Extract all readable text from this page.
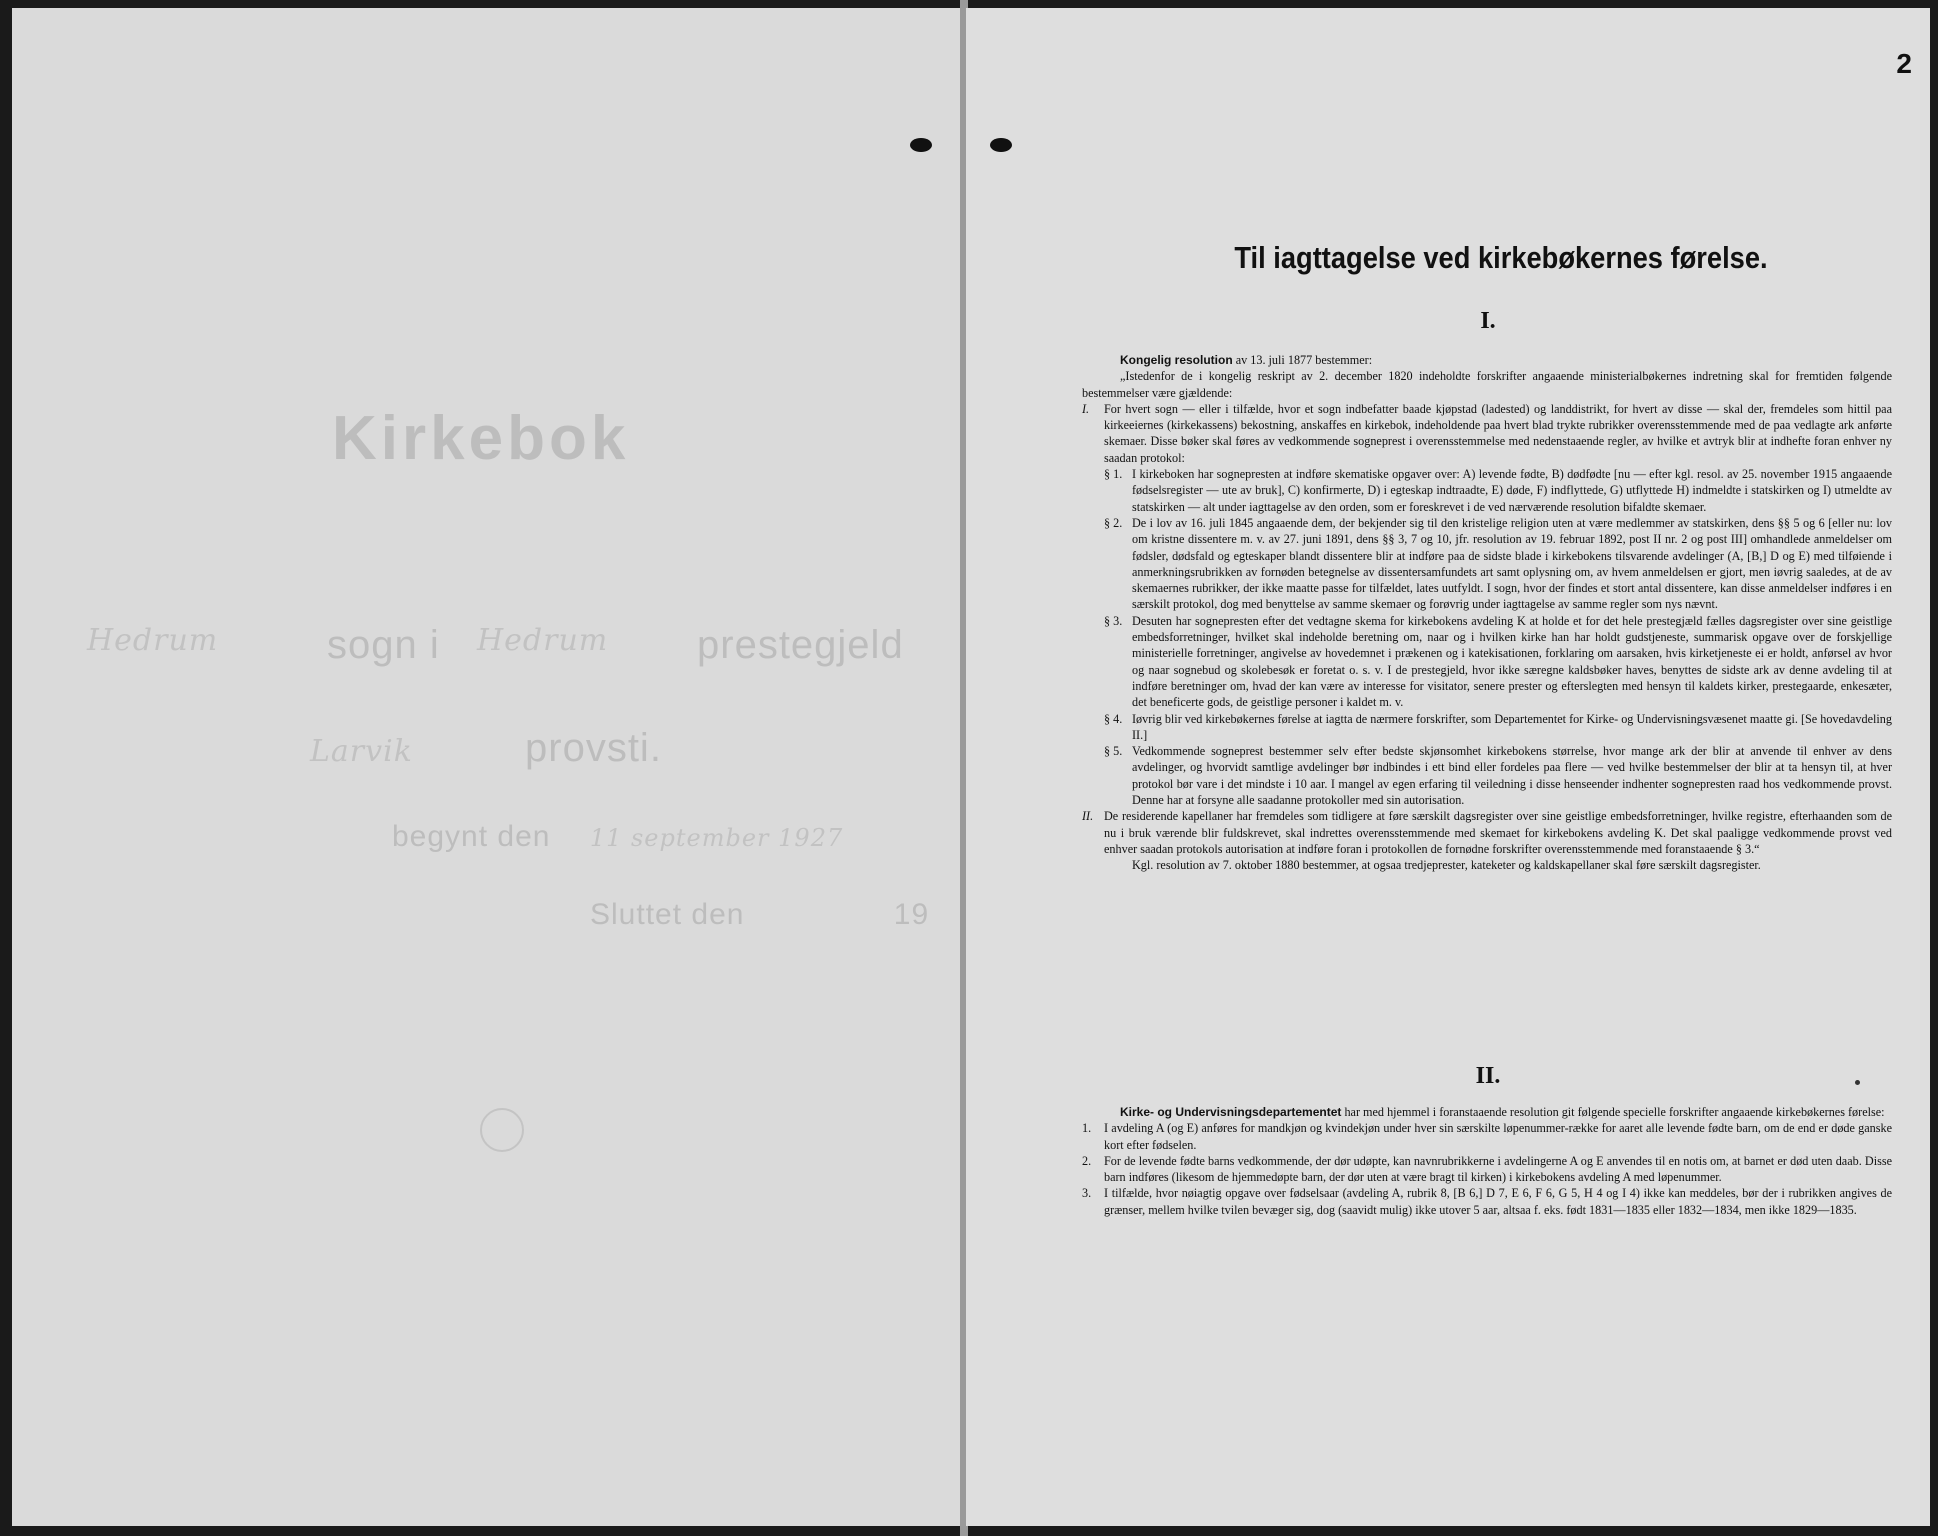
Kirkebok
Hedrum	sogn i Hedrum prestegjeld
Larvik	provsti.
begynt den 11 september 1927
Sluttet den	19
2
Til iagttagelse ved kirkebøkernes førelse.
I.

Kongelig resolution av 13. juli 1877 bestemmer:

„Istedenfor de i kongelig reskript av 2. december 1820 indeholdte forskrifter angaaende ministerialbøkernes indretning skal for fremtiden følgende bestemmelser være gjældende:

I.	For hvert sogn — eller i tilfælde, hvor et sogn indbefatter baade kjøpstad (ladested) og landdistrikt, for hvert av disse — skal der, fremdeles som hittil paa kirkeeiernes (kirkekassens) bekostning, anskaffes en kirkebok, indeholdende paa hvert blad trykte rubrikker overensstemmende med de paa vedlagte ark anførte skemaer. Disse bøker skal føres av vedkommende sogneprest i overensstemmelse med nedenstaaende regler, av hvilke et avtryk blir at indhefte foran enhver ny saadan protokol:
§ 1. I kirkeboken har sognepresten at indføre skematiske opgaver over: A) levende fødte, B) dødfødte [nu — efter kgl. resol. av 25. november 1915 angaaende fødselsregister — ute av bruk], C) konfirmerte, D) i egteskap indtraadte, E) døde, F) indflyttede, G) utflyttede H) indmeldte i statskirken og I) utmeldte av statskirken — alt under iagttagelse av den orden, som er foreskrevet i de ved nærværende resolution bifaldte skemaer.
§ 2. De i lov av 16. juli 1845 angaaende dem, der bekjender sig til den kristelige religion uten at være medlemmer av statskirken, dens §§ 5 og 6 [eller nu: lov om kristne dissentere m. v. av 27. juni 1891, dens §§ 3, 7 og 10, jfr. resolution av 19. februar 1892, post II nr. 2 og post III] omhandlede anmeldelser om fødsler, dødsfald og egteskaper blandt dissentere blir at indføre paa de sidste blade i kirkebokens tilsvarende avdelinger (A, [B,] D og E) med tilføiende i anmerkningsrubrikken av fornøden betegnelse av dissentersamfundets art samt oplysning om, av hvem anmeldelsen er gjort, men iøvrig saaledes, at de av skemaernes rubrikker, der ikke maatte passe for tilfældet, lates uutfyldt. I sogn, hvor der findes et stort antal dissentere, kan disse anmeldelser indføres i en særskilt protokol, dog med benyttelse av samme skemaer og forøvrig under iagttagelse av samme regler som nys nævnt.
§ 3. Desuten har sognepresten efter det vedtagne skema for kirkebokens avdeling K at holde et for det hele prestegjæld fælles dagsregister over sine geistlige embedsforretninger, hvilket skal indeholde beretning om, naar og i hvilken kirke han har holdt gudstjeneste, summarisk opgave over de forskjellige ministerielle forretninger, angivelse av hovedemnet i prækenen og i katekisationen, forklaring om aarsaken, hvis kirketjeneste ei er holdt, anførsel av hvor og naar sognebud og skolebesøk er foretat o. s. v. I de prestegjeld, hvor ikke særegne kaldsbøker haves, benyttes de sidste ark av denne avdeling til at indføre beretninger om, hvad der kan være av interesse for visitator, senere prester og efterslegten med hensyn til kaldets kirker, prestegaarde, enkesæter, det beneficerte gods, de geistlige personer i kaldet m. v.
§ 4. Iøvrig blir ved kirkebøkernes førelse at iagtta de nærmere forskrifter, som Departementet for Kirke- og Undervisningsvæsenet maatte gi. [Se hovedavdeling II.]
§ 5. Vedkommende sogneprest bestemmer selv efter bedste skjønsomhet kirkebokens størrelse, hvor mange ark der blir at anvende til enhver av dens avdelinger, og hvorvidt samtlige avdelinger bør indbindes i ett bind eller fordeles paa flere — ved hvilke bestemmelser der blir at ta hensyn til, at hver protokol bør vare i det mindste i 10 aar. I mangel av egen erfaring til veiledning i disse henseender indhenter sognepresten raad hos vedkommende provst. Denne har at forsyne alle saadanne protokoller med sin autorisation.
II. De residerende kapellaner har fremdeles som tidligere at føre særskilt dagsregister over sine geistlige embedsforretninger, hvilke registre, efterhaanden som de nu i bruk værende blir fuldskrevet, skal indrettes overensstemmende med skemaet for kirkebokens avdeling K. Det skal paaligge vedkommende provst ved enhver saadan protokols autorisation at indføre foran i protokollen de fornødne forskrifter overensstemmende med foranstaaende § 3.“

Kgl. resolution av 7. oktober 1880 bestemmer, at ogsaa tredjeprester, kateketer og kaldskapellaner skal føre særskilt dagsregister.

II.

Kirke- og Undervisningsdepartementet har med hjemmel i foranstaaende resolution git følgende specielle forskrifter angaaende kirkebøkernes førelse:

1.	I avdeling A (og E) anføres for mandkjøn og kvindekjøn under hver sin særskilte løpenummer-række for aaret alle levende fødte barn, om de end er døde ganske kort efter fødselen.
2.	For de levende fødte barns vedkommende, der dør udøpte, kan navnrubrikkerne i avdelingerne A og E anvendes til en notis om, at barnet er død uten daab. Disse barn indføres (likesom de hjemmedøpte barn, der dør uten at være bragt til kirken) i kirkebokens avdeling A med løpenummer.
3.	I tilfælde, hvor nøiagtig opgave over fødselsaar (avdeling A, rubrik 8, [B 6,] D 7, E 6, F 6, G 5, H 4 og I 4) ikke kan meddeles, bør der i rubrikken angives de grænser, mellem hvilke tvilen bevæger sig, dog (saavidt mulig) ikke utover 5 aar, altsaa f. eks. født 1831—1835 eller 1832—1834, men ikke 1829—1835.
